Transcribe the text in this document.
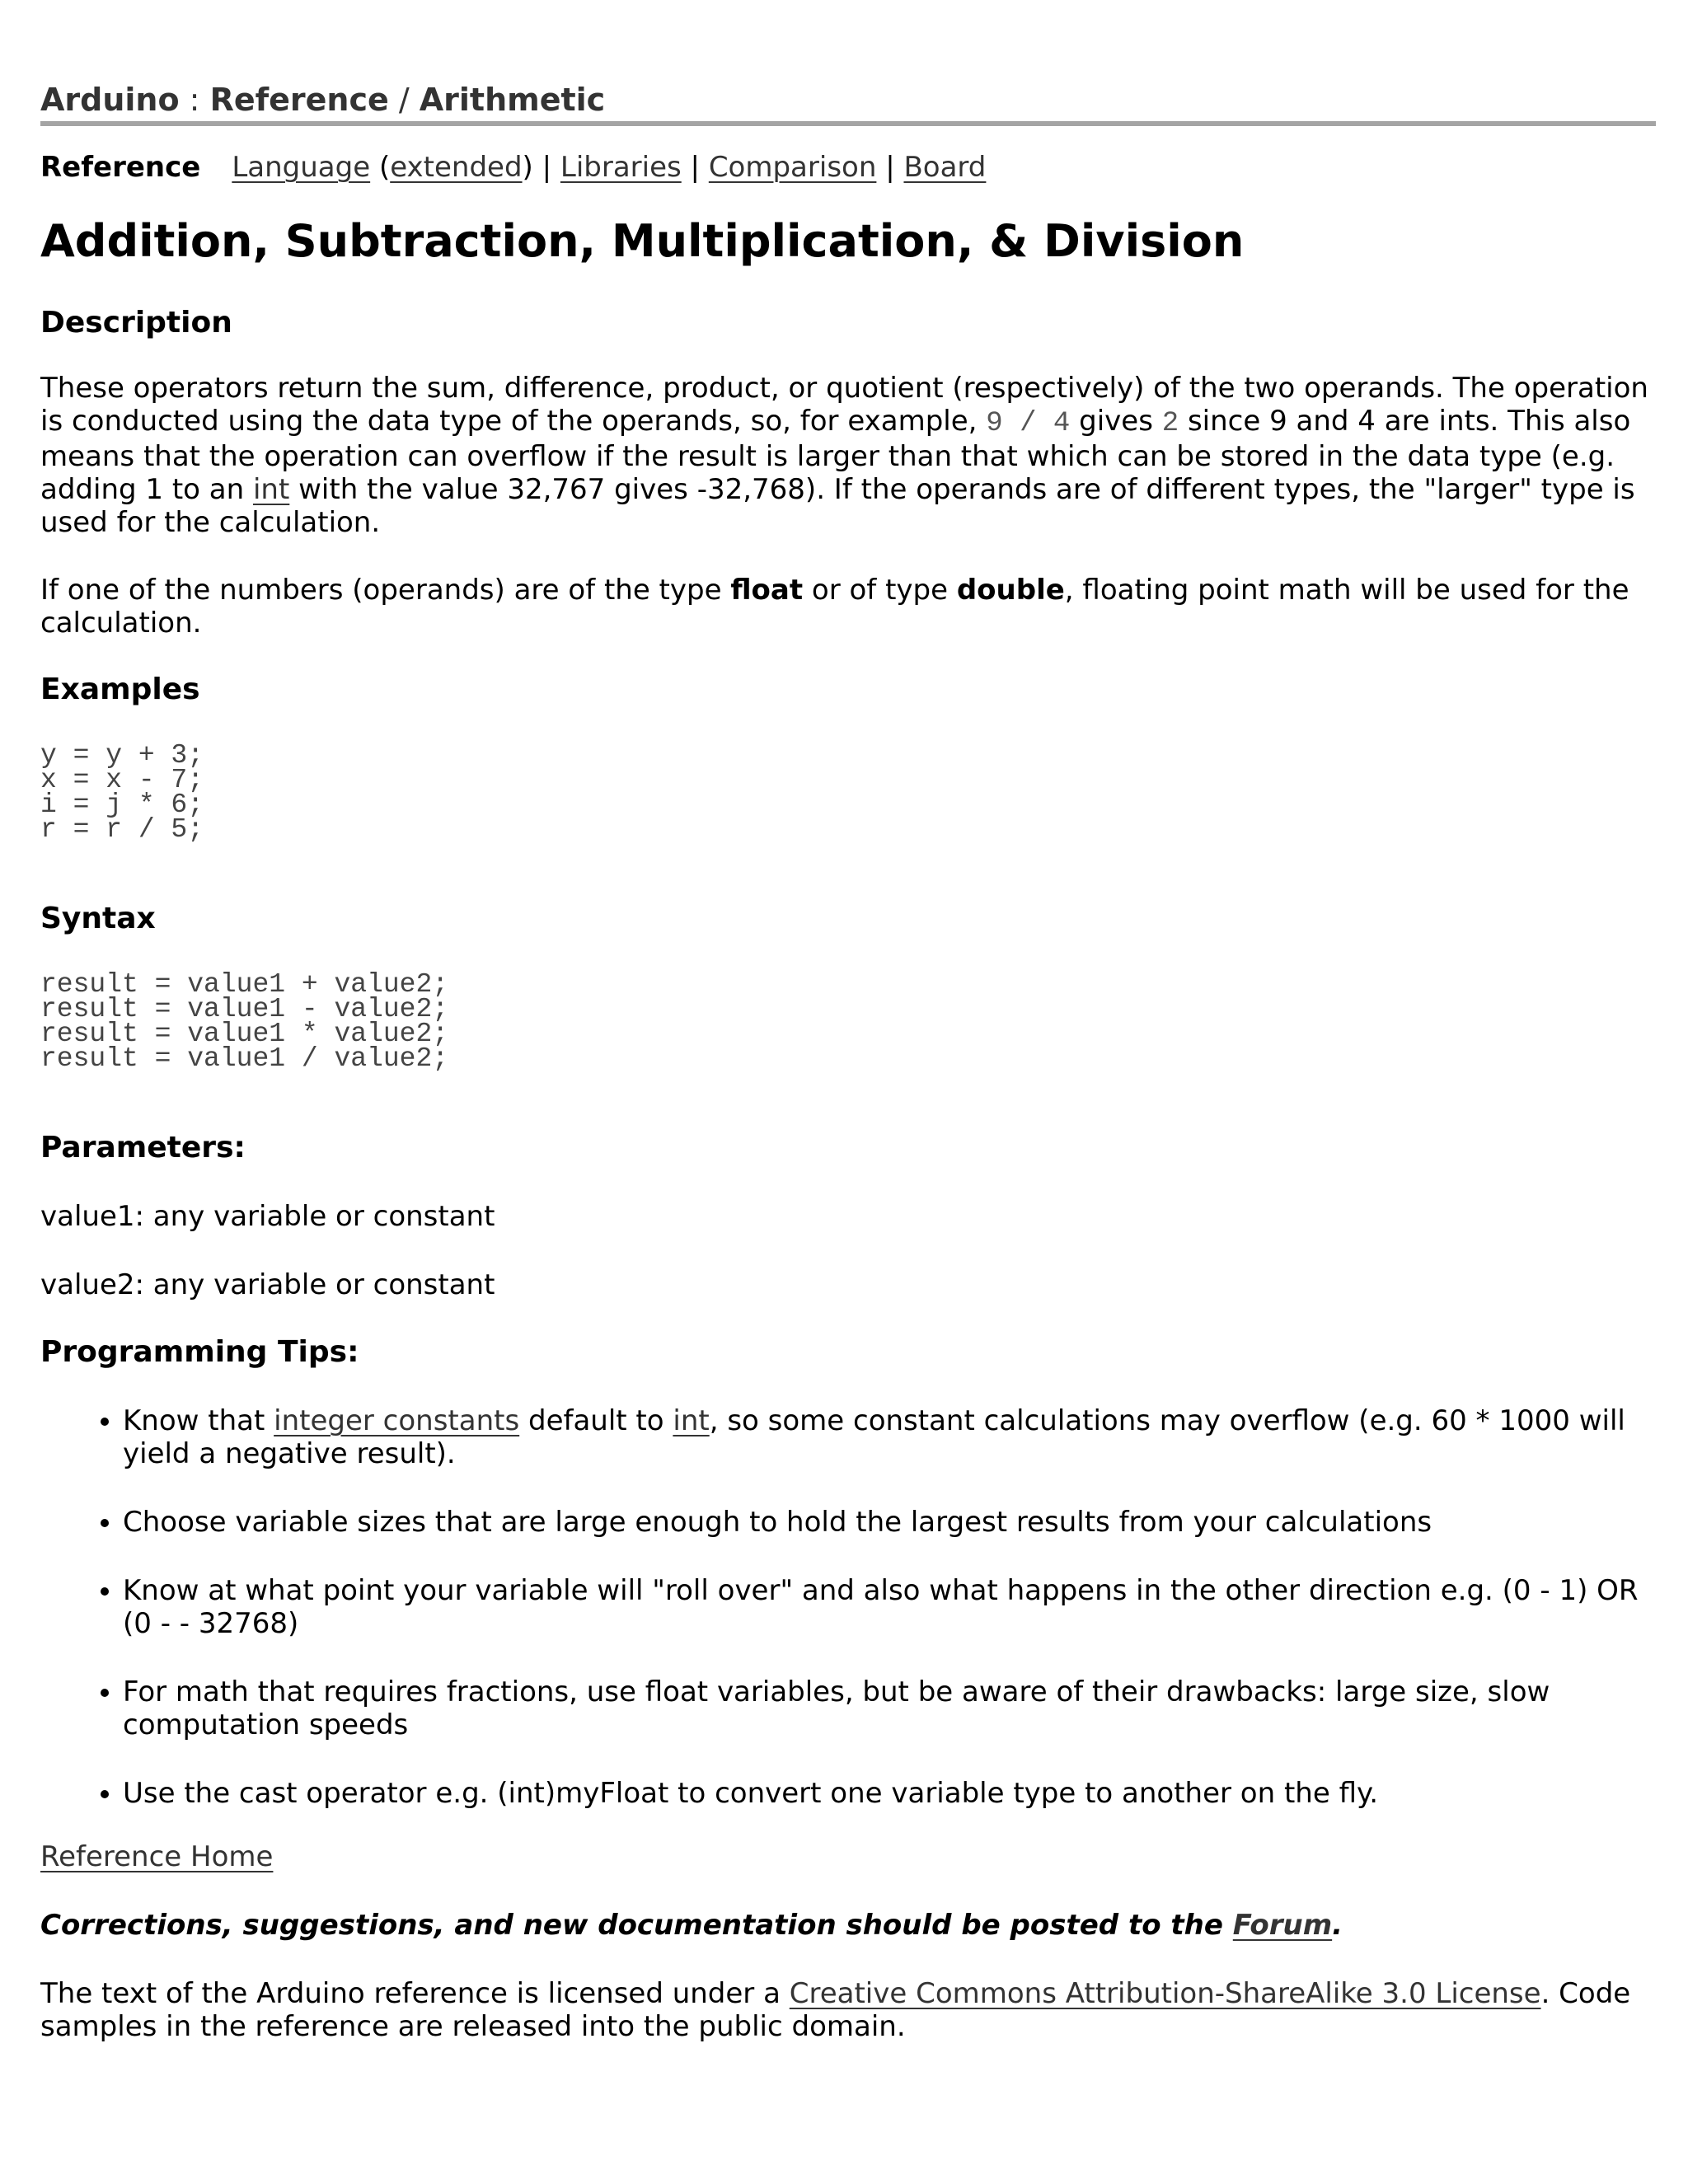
Arduino : Reference / Arithmetic
Reference Language (extended) | Libraries | Comparison | Board
Addition, Subtraction, Multiplication, & Division
Description

These operators return the sum, difference, product, or quotient (respectively) of the two operands. The operation is conducted using the data type of the operands, so, for example, 9 / 4 gives 2 since 9 and 4 are ints. This also means that the operation can overflow if the result is larger than that which can be stored in the data type (e.g. adding 1 to an int with the value 32,767 gives -32,768). If the operands are of different types, the "larger" type is used for the calculation.

If one of the numbers (operands) are of the type float or of type double, floating point math will be used for the calculation.

Examples
y = y + 3;
x = x - 7;
i = j * 6;
r = r / 5;
Syntax
result = value1 + value2;
result = value1 - value2;
result = value1 * value2;
result = value1 / value2;
Parameters:

value1: any variable or constant

value2: any variable or constant

Programming Tips:
• Know that integer constants default to int, so some constant calculations may overflow (e.g. 60 * 1000 will yield a negative result).
• Choose variable sizes that are large enough to hold the largest results from your calculations
• Know at what point your variable will "roll over" and also what happens in the other direction e.g. (0 - 1) OR (0 - - 32768)
• For math that requires fractions, use float variables, but be aware of their drawbacks: large size, slow computation speeds
• Use the cast operator e.g. (int)myFloat to convert one variable type to another on the fly.

Reference Home

Corrections, suggestions, and new documentation should be posted to the Forum.

The text of the Arduino reference is licensed under a Creative Commons Attribution-ShareAlike 3.0 License. Code samples in the reference are released into the public domain.
